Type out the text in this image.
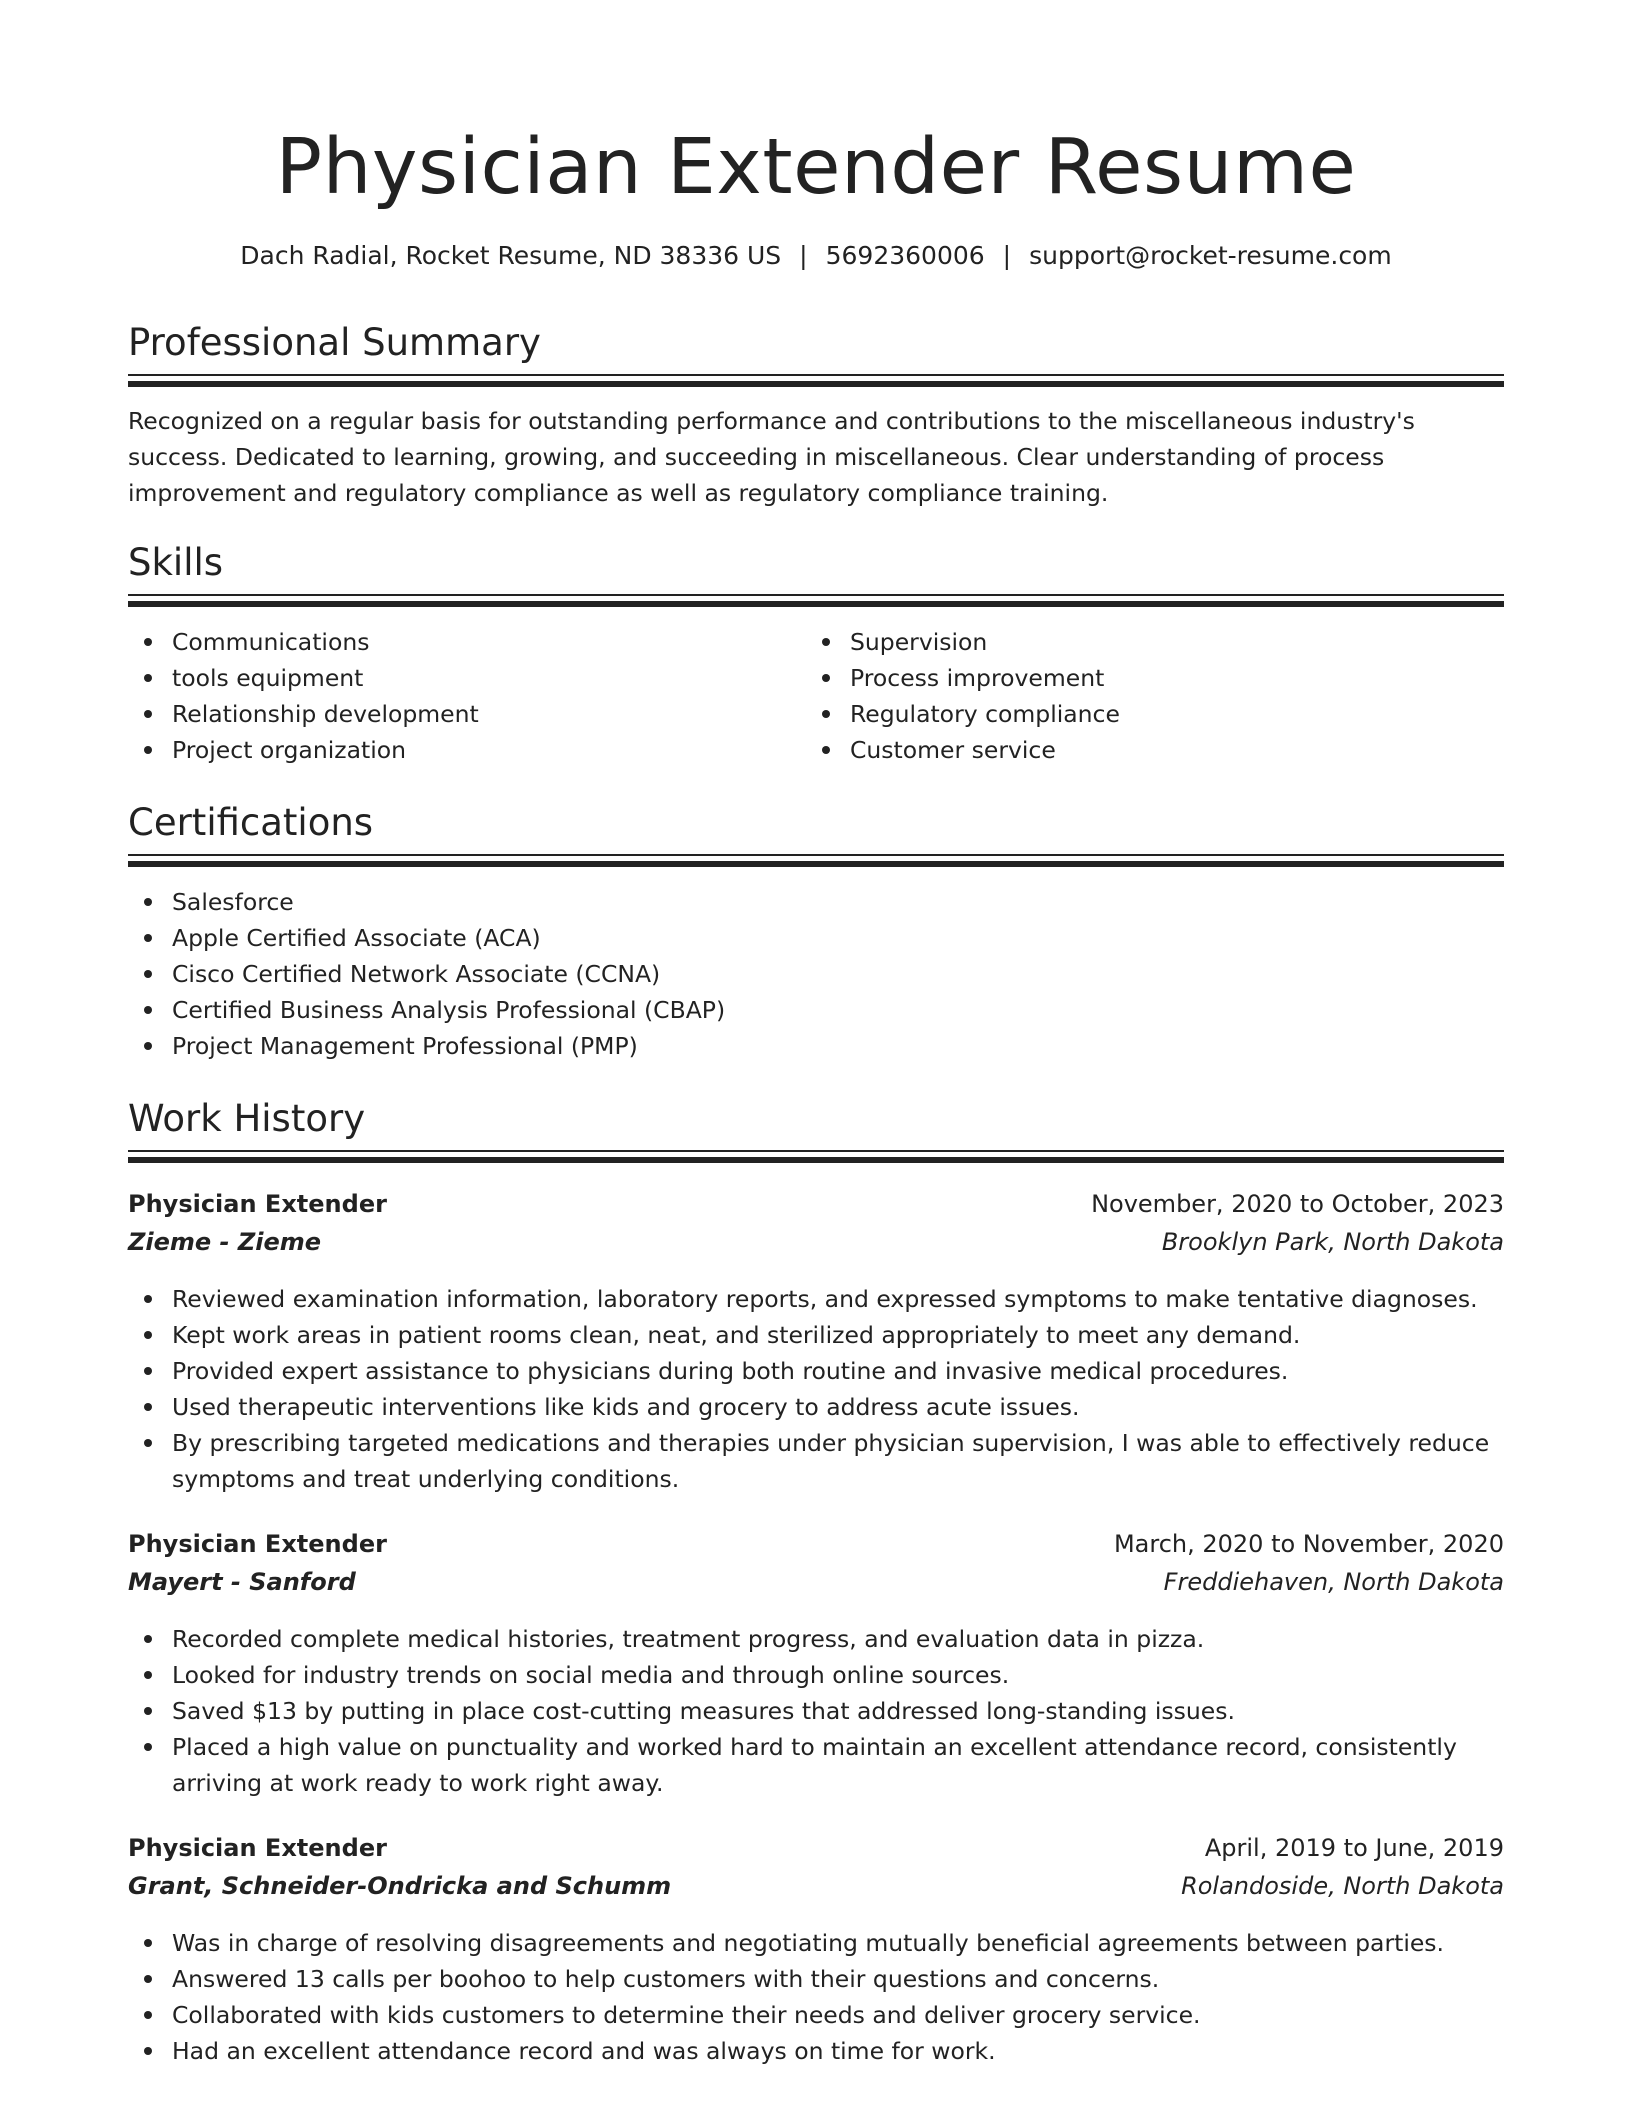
Physician Extender Resume
Dach Radial, Rocket Resume, ND 38336 US | 5692360006 | support@rocket-resume.com
Professional Summary

Recognized on a regular basis for outstanding performance and contributions to the miscellaneous industry's success. Dedicated to learning, growing, and succeeding in miscellaneous. Clear understanding of process improvement and regulatory compliance as well as regulatory compliance training.

Skills
Communications
tools equipment
Relationship development
Project organization
Supervision
Process improvement
Regulatory compliance
Customer service
Certifications
Salesforce
Apple Certified Associate (ACA)
Cisco Certified Network Associate (CCNA)
Certified Business Analysis Professional (CBAP)
Project Management Professional (PMP)
Work History
Physician Extender	November, 2020 to October, 2023
Zieme - Zieme	Brooklyn Park, North Dakota
Reviewed examination information, laboratory reports, and expressed symptoms to make tentative diagnoses.
Kept work areas in patient rooms clean, neat, and sterilized appropriately to meet any demand.
Provided expert assistance to physicians during both routine and invasive medical procedures.
Used therapeutic interventions like kids and grocery to address acute issues.
By prescribing targeted medications and therapies under physician supervision, I was able to effectively reduce symptoms and treat underlying conditions.
Physician Extender	March, 2020 to November, 2020
Mayert - Sanford	Freddiehaven, North Dakota
Recorded complete medical histories, treatment progress, and evaluation data in pizza.
Looked for industry trends on social media and through online sources.
Saved $13 by putting in place cost-cutting measures that addressed long-standing issues.
Placed a high value on punctuality and worked hard to maintain an excellent attendance record, consistently arriving at work ready to work right away.
Physician Extender	April, 2019 to June, 2019
Grant, Schneider-Ondricka and Schumm	Rolandoside, North Dakota
Was in charge of resolving disagreements and negotiating mutually beneficial agreements between parties.
Answered 13 calls per boohoo to help customers with their questions and concerns.
Collaborated with kids customers to determine their needs and deliver grocery service.
Had an excellent attendance record and was always on time for work.
